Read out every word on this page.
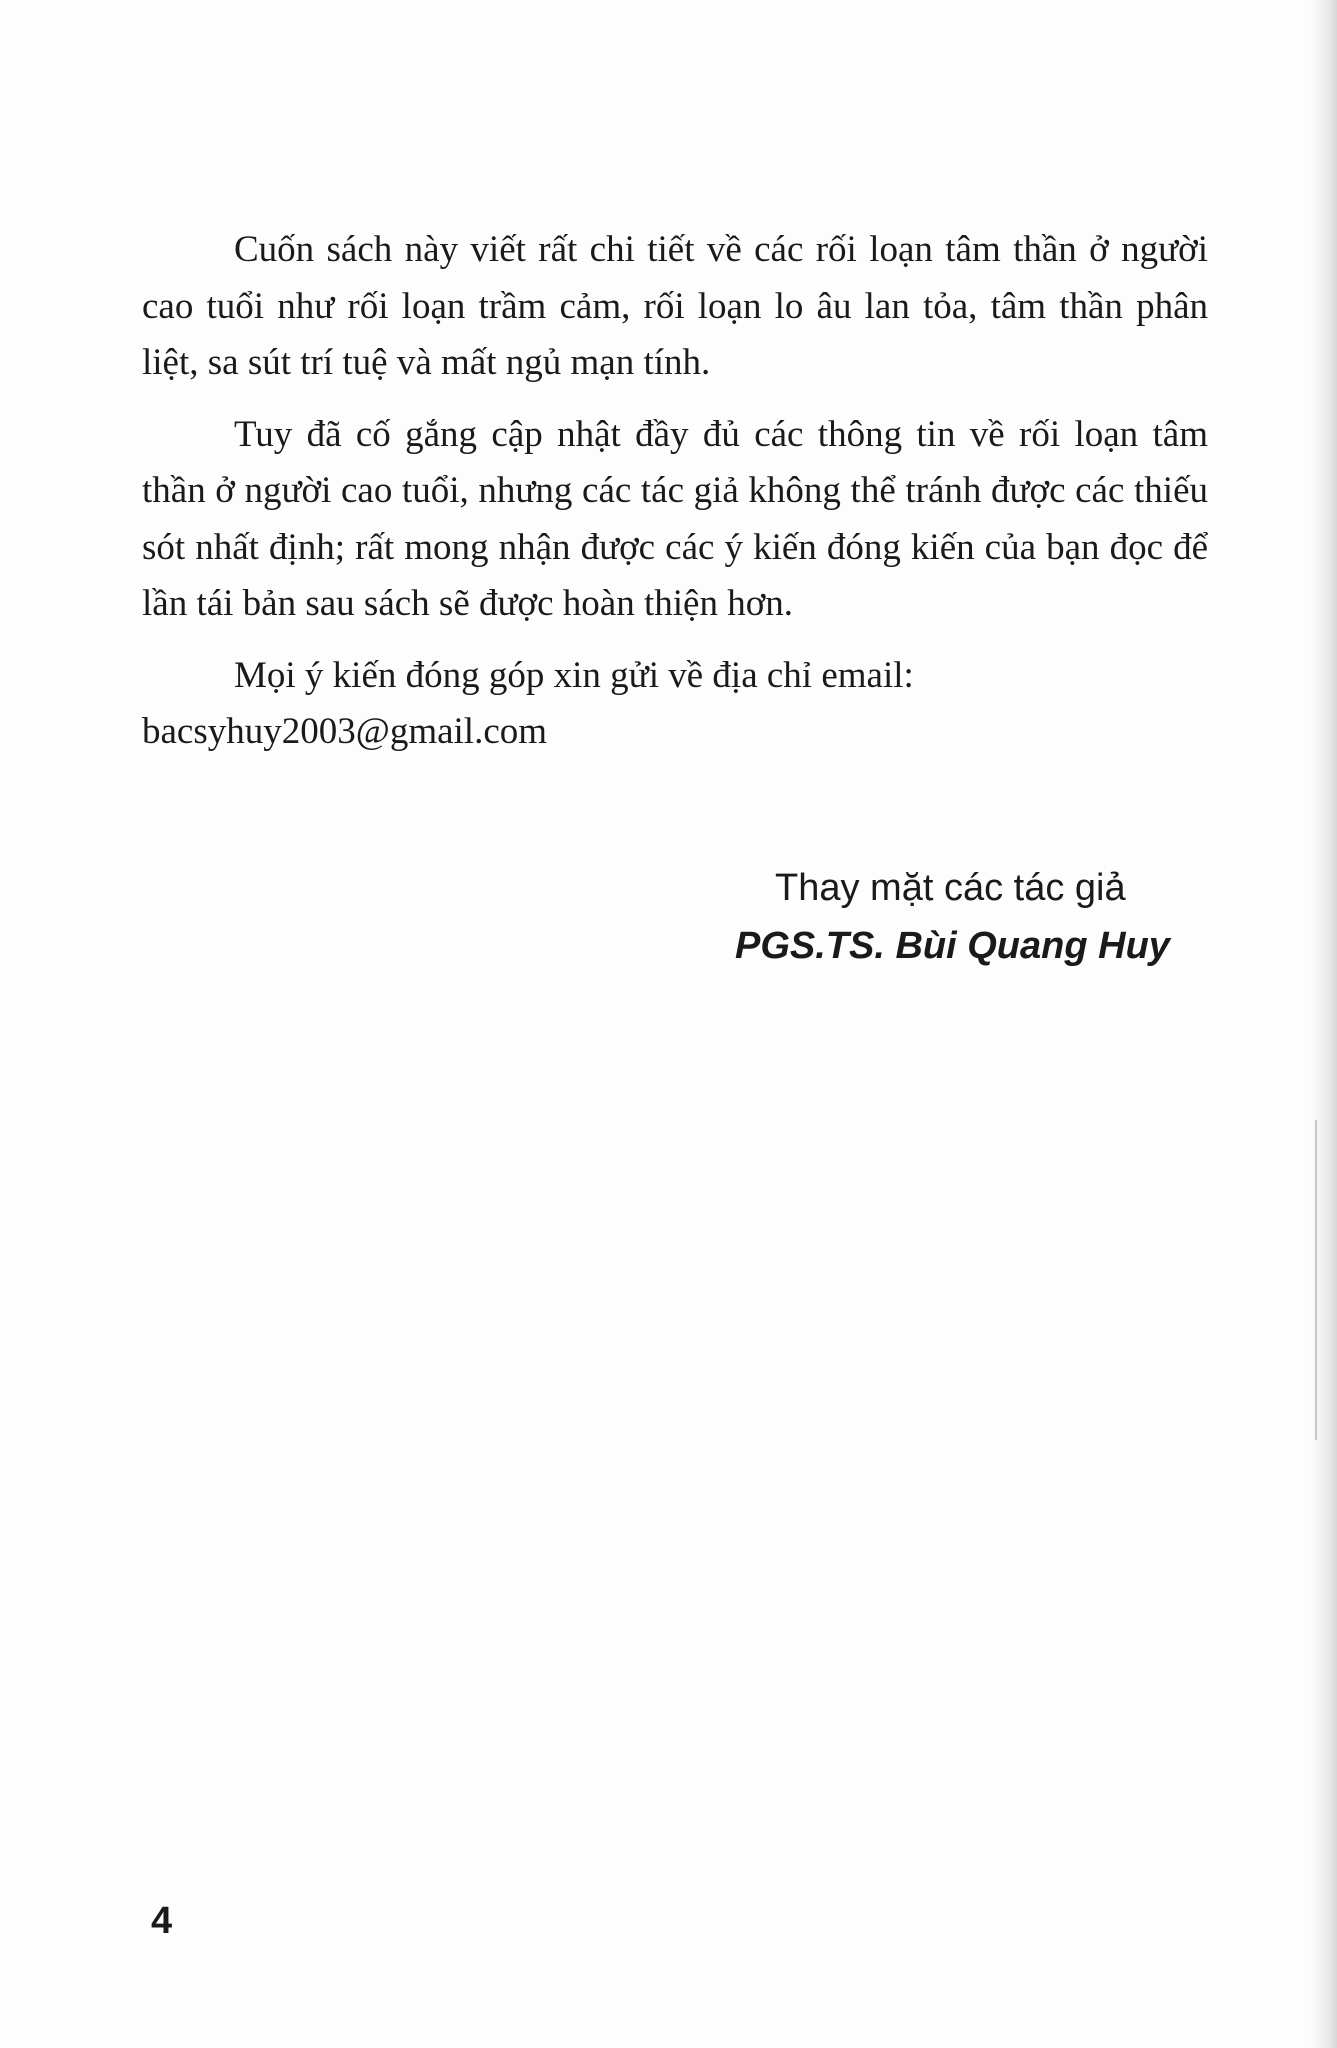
Cuốn sách này viết rất chi tiết về các rối loạn tâm thần ở người cao tuổi như rối loạn trầm cảm, rối loạn lo âu lan tỏa, tâm thần phân liệt, sa sút trí tuệ và mất ngủ mạn tính.

Tuy đã cố gắng cập nhật đầy đủ các thông tin về rối loạn tâm thần ở người cao tuổi, nhưng các tác giả không thể tránh được các thiếu sót nhất định; rất mong nhận được các ý kiến đóng kiến của bạn đọc để lần tái bản sau sách sẽ được hoàn thiện hơn.

Mọi ý kiến đóng góp xin gửi về địa chỉ email:
bacsyhuy2003@gmail.com

Thay mặt các tác giả
PGS.TS. Bùi Quang Huy
4
